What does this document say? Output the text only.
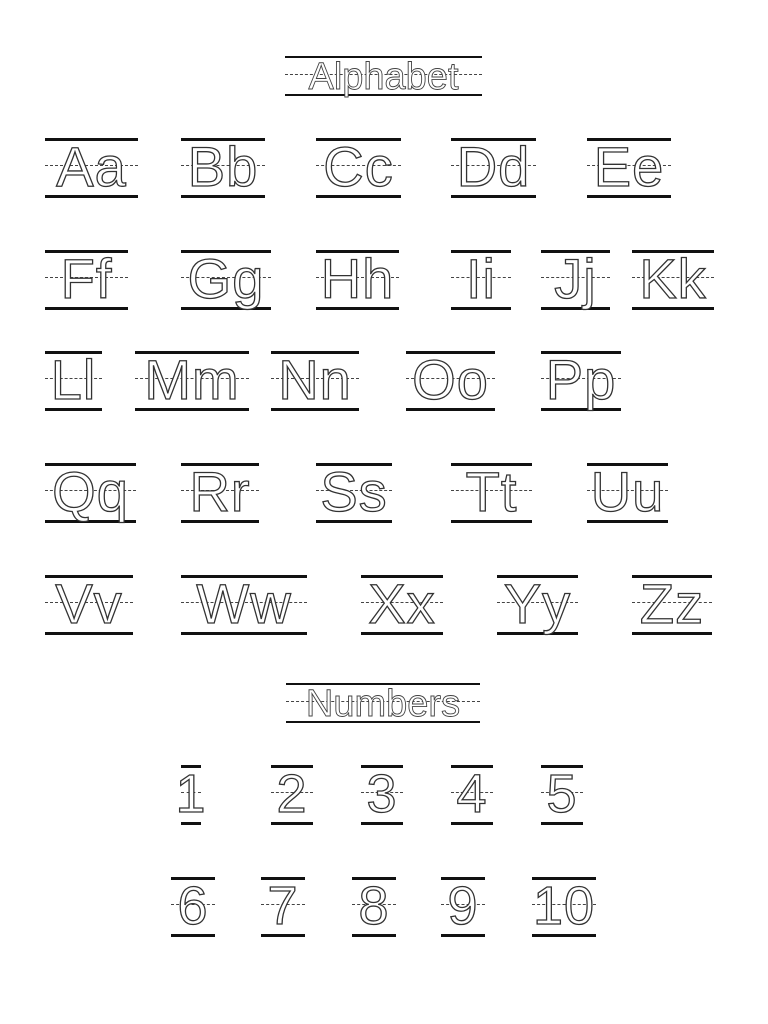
Alphabet
Aa Bb Cc Dd Ee
Ff Gg Hh Ii Jj Kk
Ll Mm Nn Oo Pp
Qq Rr Ss Tt Uu
Vv Ww Xx Yy Zz
Numbers
1 2 3 4 5
6 7 8 9 10
